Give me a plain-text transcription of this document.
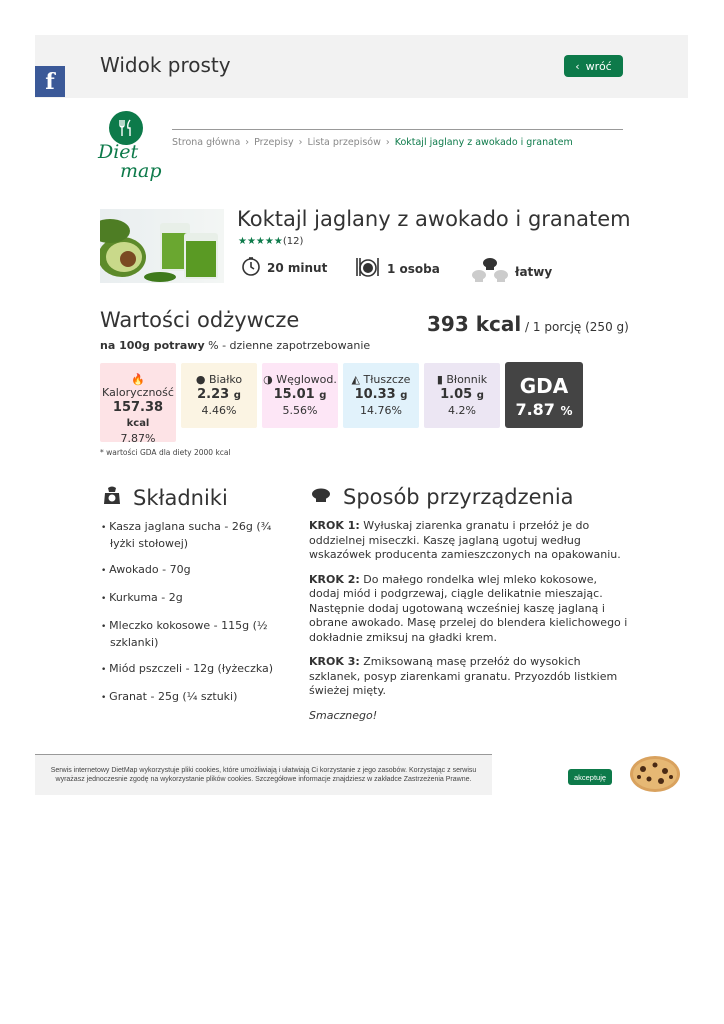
Widok prosty	‹ wróć
f
Diet
map
Strona główna › Przepisy › Lista przepisów › Koktajl jaglany z awokado i granatem
Koktajl jaglany z awokado i granatem
★★★★★(12)
20 minut	1 osoba	łatwy
Wartości odżywcze	393 kcal / 1 porcję (250 g)
na 100g potrawy % - dzienne zapotrzebowanie
🔥
Kaloryczność
157.38 kcal
7.87%
● Białko
2.23 g
4.46%
◑ Węglowod.
15.01 g
5.56%
◭ Tłuszcze
10.33 g
14.76%
▮ Błonnik
1.05 g
4.2%
GDA
7.87 %
* wartości GDA dla diety 2000 kcal
Składniki
• Kasza jaglana sucha - 26g (¾ łyżki stołowej)
• Awokado - 70g
• Kurkuma - 2g
• Mleczko kokosowe - 115g (½ szklanki)
• Miód pszczeli - 12g (łyżeczka)
• Granat - 25g (¼ sztuki)
Sposób przyrządzenia

KROK 1: Wyłuskaj ziarenka granatu i przełóż je do oddzielnej miseczki. Kaszę jaglaną ugotuj według wskazówek producenta zamieszczonych na opakowaniu.

KROK 2: Do małego rondelka wlej mleko kokosowe, dodaj miód i podgrzewaj, ciągle delikatnie mieszając. Następnie dodaj ugotowaną wcześniej kaszę jaglaną i obrane awokado. Masę przelej do blendera kielichowego i dokładnie zmiksuj na gładki krem.

KROK 3: Zmiksowaną masę przełóż do wysokich szklanek, posyp ziarenkami granatu. Przyozdób listkiem świeżej mięty.

Smacznego!

Serwis internetowy DietMap wykorzystuje pliki cookies, które umożliwiają i ułatwiają Ci korzystanie z jego zasobów. Korzystając z serwisu wyrażasz jednoczesnie zgodę na wykorzystanie plików cookies. Szczegółowe informacje znajdziesz w zakładce Zastrzeżenia Prawne.	akceptuję
